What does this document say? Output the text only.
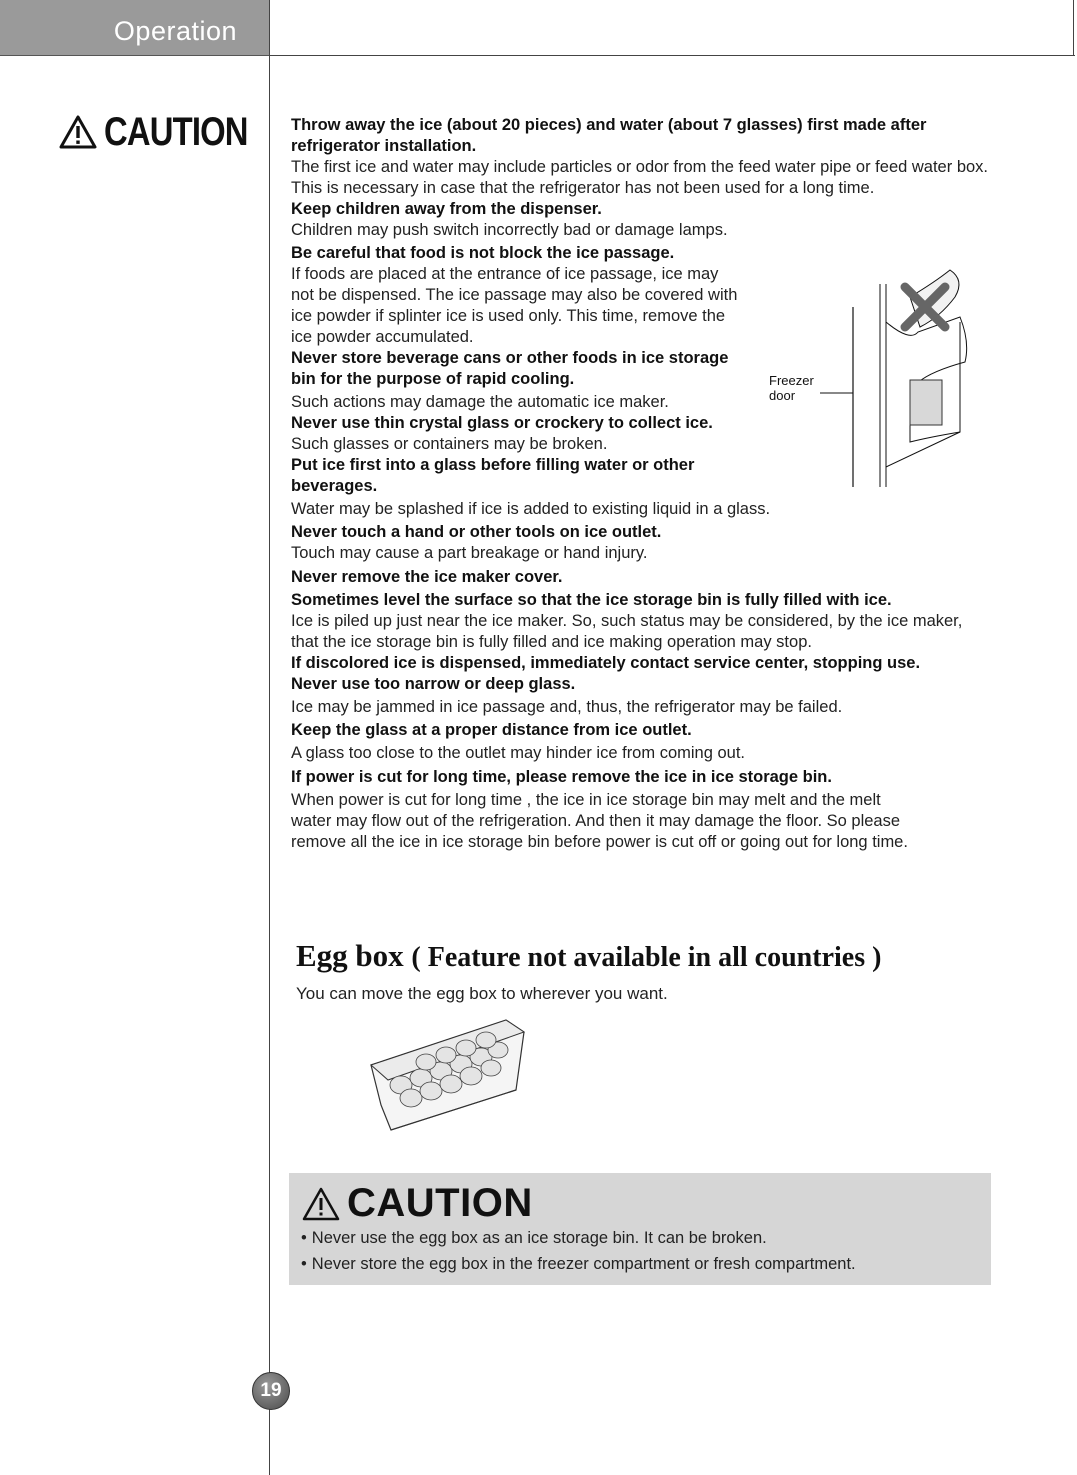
Operation
CAUTION	Throw away the ice (about 20 pieces) and water (about 7 glasses) first made after refrigerator installation.

The first ice and water may include particles or odor from the feed water pipe or feed water box. This is necessary in case that the refrigerator has not been used for a long time.

Keep children away from the dispenser.

Children may push switch incorrectly bad or damage lamps.

Be careful that food is not block the ice passage.

If foods are placed at the entrance of ice passage, ice may not be dispensed. The ice passage may also be covered with ice powder if splinter ice is used only. This time, remove the ice powder accumulated.

Never store beverage cans or other foods in ice storage bin for the purpose of rapid cooling.

Such actions may damage the automatic ice maker.

Never use thin crystal glass or crockery to collect ice.

Such glasses or containers may be broken.

Put ice first into a glass before filling water or other beverages.

Water may be splashed if ice is added to existing liquid in a glass.

Never touch a hand or other tools on ice outlet.

Touch may cause a part breakage or hand injury.

Never remove the ice maker cover.

Sometimes level the surface so that the ice storage bin is fully filled with ice.

Ice is piled up just near the ice maker. So, such status may be considered, by the ice maker, that the ice storage bin is fully filled and ice making operation may stop.

If discolored ice is dispensed, immediately contact service center, stopping use.

Never use too narrow or deep glass.

Ice may be jammed in ice passage and, thus, the refrigerator may be failed.

Keep the glass at a proper distance from ice outlet.

A glass too close to the outlet may hinder ice from coming out.

If power is cut for long time, please remove the ice in ice storage bin.

When power is cut for long time , the ice in ice storage bin may melt and the melt water may flow out of the refrigeration. And then it may damage the floor. So please remove all the ice in ice storage bin before power is cut off or going out for long time.

Freezer
door
Egg box ( Feature not available in all countries )
You can move the egg box to wherever you want.
CAUTION
• Never use the egg box as an ice storage bin. It can be broken.
• Never store the egg box in the freezer compartment or fresh compartment.
19
